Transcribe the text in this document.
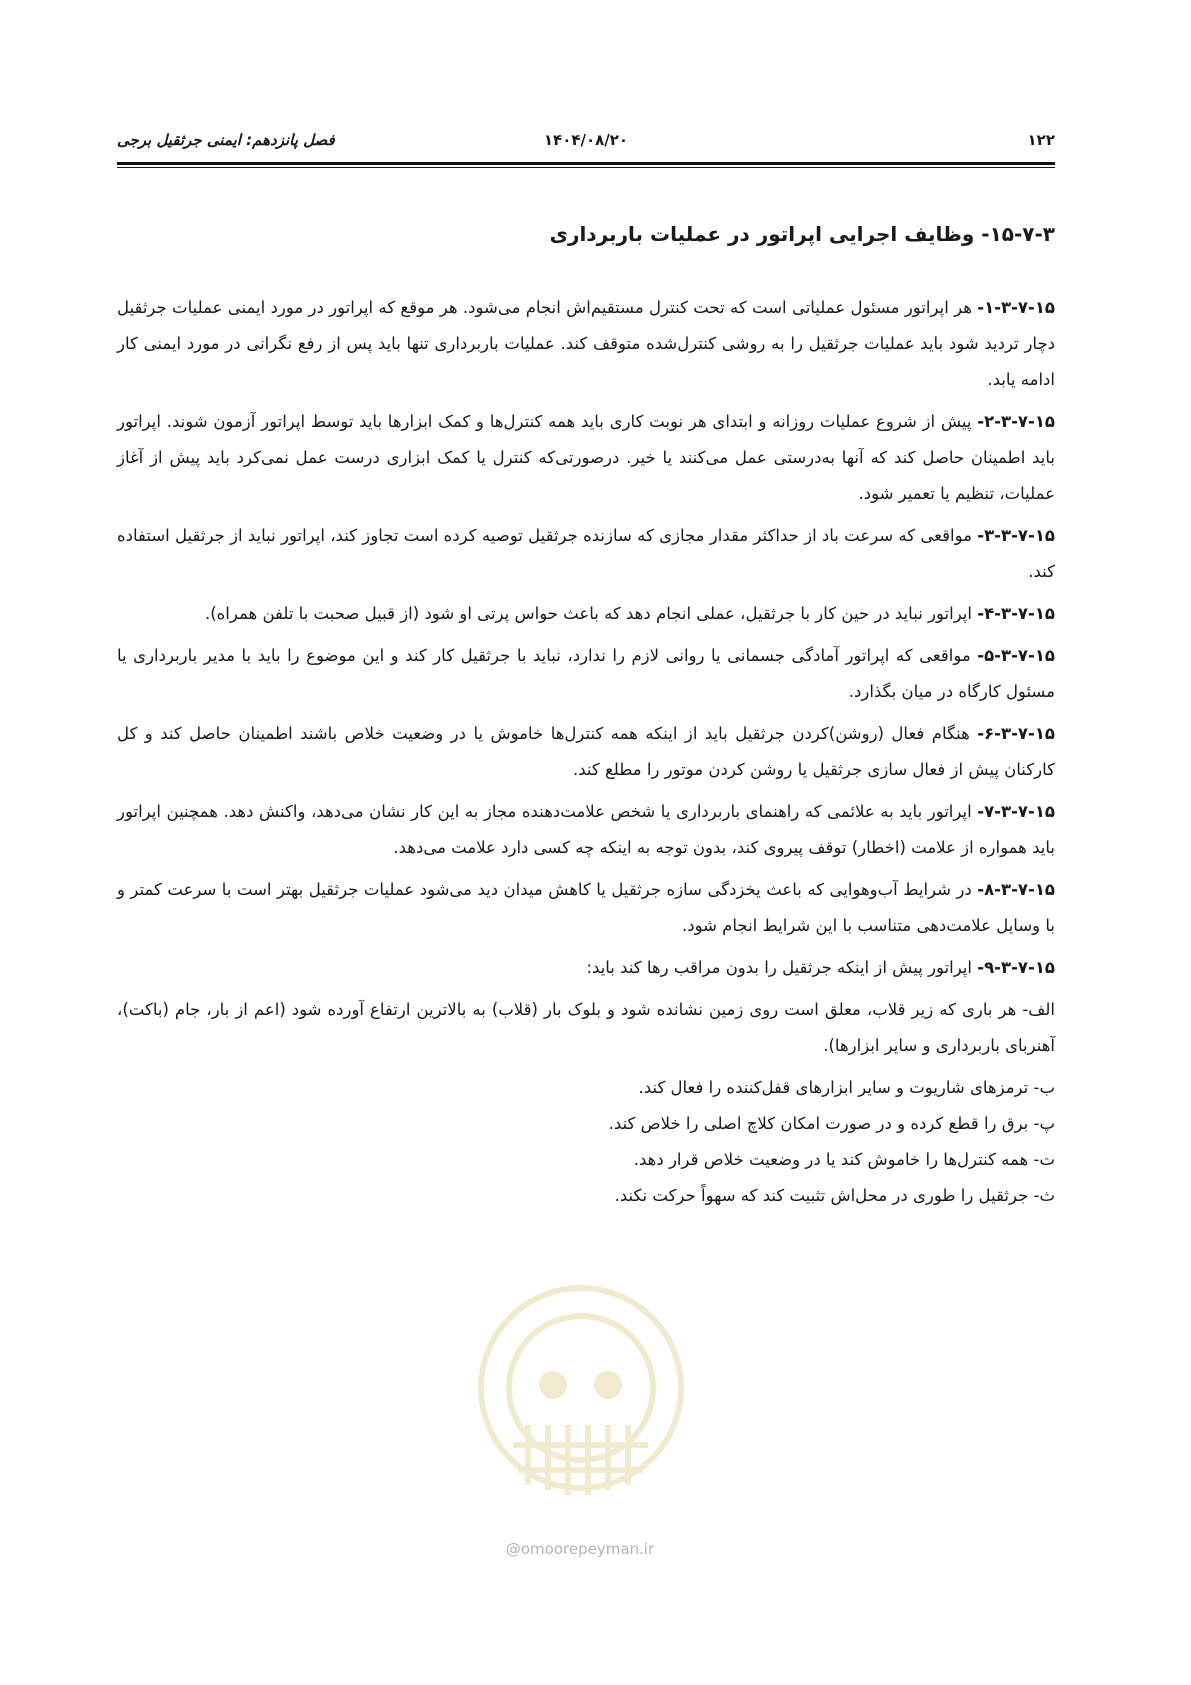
۱۲۲
۱۴۰۴/۰۸/۲۰
فصل پانزدهم: ایمنی جرثقیل برجی
۱۵-۷-۳- وظایف اجرایی اپراتور در عملیات باربرداری

۱-۳-۷-۱۵- هر اپراتور مسئول عملیاتی است که تحت کنترل مستقیم‌اش انجام می‌شود. هر موقع که اپراتور در مورد ایمنی عملیات جرثقیل دچار تردید شود باید عملیات جرثقیل را به روشی کنترل‌شده متوقف کند. عملیات باربرداری تنها باید پس از رفع نگرانی در مورد ایمنی کار ادامه یابد.

۲-۳-۷-۱۵- پیش از شروع عملیات روزانه و ابتدای هر نوبت کاری باید همه کنترل‌ها و کمک ابزارها باید توسط اپراتور آزمون شوند. اپراتور باید اطمینان حاصل کند که آنها به‌درستی عمل می‌کنند یا خیر. درصورتی‌که کنترل یا کمک ابزاری درست عمل نمی‌کرد باید پیش از آغاز عملیات، تنظیم یا تعمیر شود.

۳-۳-۷-۱۵- مواقعی که سرعت باد از حداکثر مقدار مجازی که سازنده جرثقیل توصیه کرده است تجاوز کند، اپراتور نباید از جرثقیل استفاده کند.

۴-۳-۷-۱۵- اپراتور نباید در حین کار با جرثقیل، عملی انجام دهد که باعث حواس پرتی او شود (از قبیل صحبت با تلفن همراه).

۵-۳-۷-۱۵- مواقعی که اپراتور آمادگی جسمانی یا روانی لازم را ندارد، نباید با جرثقیل کار کند و این موضوع را باید با مدیر باربرداری یا مسئول کارگاه در میان بگذارد.

۶-۳-۷-۱۵- هنگام فعال (روشن)کردن جرثقیل باید از اینکه همه کنترل‌ها خاموش یا در وضعیت خلاص باشند اطمینان حاصل کند و کل کارکنان پیش از فعال سازی جرثقیل یا روشن کردن موتور را مطلع کند.

۷-۳-۷-۱۵- اپراتور باید به علائمی که راهنمای باربرداری یا شخص علامت‌دهنده مجاز به این کار نشان می‌دهد، واکنش دهد. همچنین اپراتور باید همواره از علامت (اخطار) توقف پیروی کند، بدون توجه به اینکه چه کسی دارد علامت می‌دهد.

۸-۳-۷-۱۵- در شرایط آب‌وهوایی که باعث یخزدگی سازه جرثقیل یا کاهش میدان دید می‌شود عملیات جرثقیل بهتر است با سرعت کمتر و با وسایل علامت‌دهی متناسب با این شرایط انجام شود.

۹-۳-۷-۱۵- اپراتور پیش از اینکه جرثقیل را بدون مراقب رها کند باید:

الف- هر باری که زیر قلاب، معلق است روی زمین نشانده شود و بلوک بار (قلاب) به بالاترین ارتفاع آورده شود (اعم از بار، جام (باکت)، آهنربای باربرداری و سایر ابزارها).

ب- ترمزهای شاریوت و سایر ابزارهای قفل‌کننده را فعال کند.

پ- برق را قطع کرده و در صورت امکان کلاچ اصلی را خلاص کند.

ت- همه کنترل‌ها را خاموش کند یا در وضعیت خلاص قرار دهد.

ث- جرثقیل را طوری در محل‌اش تثبیت کند که سهواً حرکت نکند.

@omoorepeyman.ir
